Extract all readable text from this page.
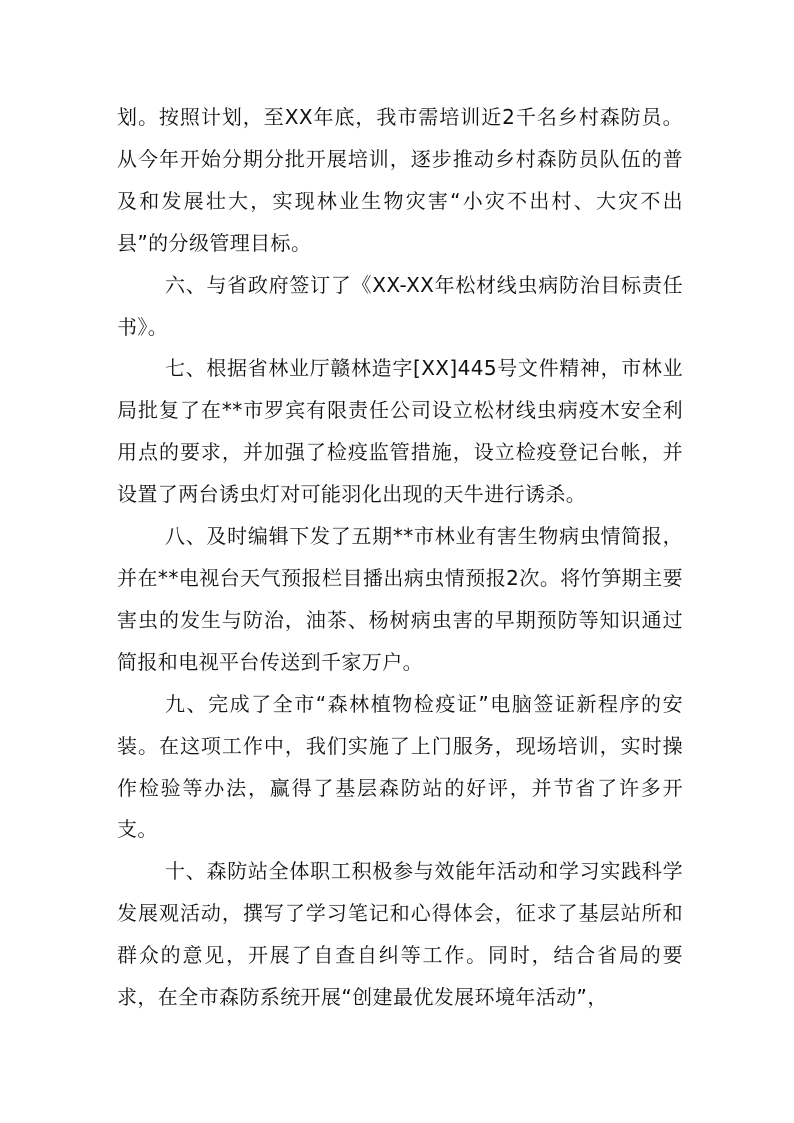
划。按照计划，至XX年底，我市需培训近2千名乡村森防员。从今年开始分期分批开展培训，逐步推动乡村森防员队伍的普及和发展壮大，实现林业生物灾害“小灾不出村、大灾不出县”的分级管理目标。

六、与省政府签订了《XX-XX年松材线虫病防治目标责任书》。

七、根据省林业厅赣林造字[XX]445号文件精神，市林业局批复了在**市罗宾有限责任公司设立松材线虫病疫木安全利用点的要求，并加强了检疫监管措施，设立检疫登记台帐，并设置了两台诱虫灯对可能羽化出现的天牛进行诱杀。

八、及时编辑下发了五期**市林业有害生物病虫情简报，并在**电视台天气预报栏目播出病虫情预报2次。将竹笋期主要害虫的发生与防治，油茶、杨树病虫害的早期预防等知识通过简报和电视平台传送到千家万户。

九、完成了全市“森林植物检疫证”电脑签证新程序的安装。在这项工作中，我们实施了上门服务，现场培训，实时操作检验等办法，赢得了基层森防站的好评，并节省了许多开支。

十、森防站全体职工积极参与效能年活动和学习实践科学发展观活动，撰写了学习笔记和心得体会，征求了基层站所和群众的意见，开展了自查自纠等工作。同时，结合省局的要求，在全市森防系统开展“创建最优发展环境年活动”，
